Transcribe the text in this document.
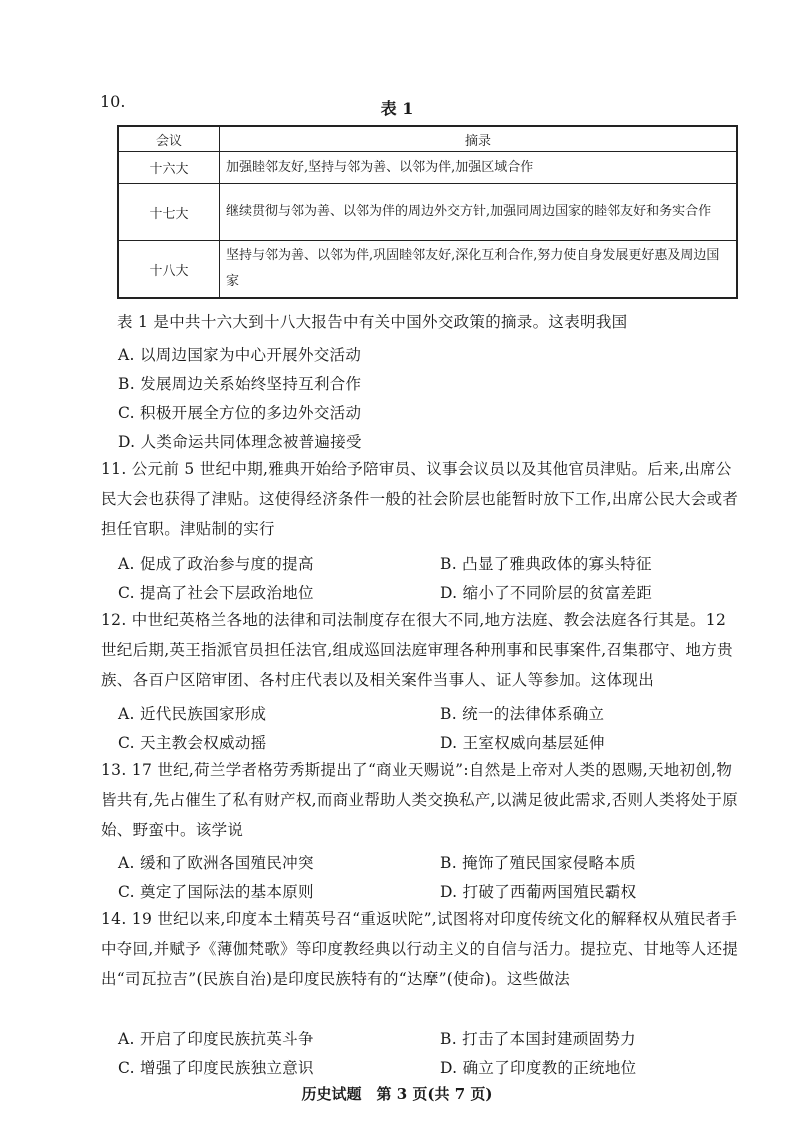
10.	表 1
会议	摘录
十六大	加强睦邻友好,坚持与邻为善、以邻为伴,加强区域合作
十七大	继续贯彻与邻为善、以邻为伴的周边外交方针,加强同周边国家的睦邻友好和务实合作
十八大	坚持与邻为善、以邻为伴,巩固睦邻友好,深化互利合作,努力使自身发展更好惠及周边国家
表 1 是中共十六大到十八大报告中有关中国外交政策的摘录。这表明我国
A. 以周边国家为中心开展外交活动
B. 发展周边关系始终坚持互利合作
C. 积极开展全方位的多边外交活动
D. 人类命运共同体理念被普遍接受
11. 公元前 5 世纪中期,雅典开始给予陪审员、议事会议员以及其他官员津贴。后来,出席公民大会也获得了津贴。这使得经济条件一般的社会阶层也能暂时放下工作,出席公民大会或者担任官职。津贴制的实行
A. 促成了政治参与度的提高	B. 凸显了雅典政体的寡头特征
C. 提高了社会下层政治地位	D. 缩小了不同阶层的贫富差距
12. 中世纪英格兰各地的法律和司法制度存在很大不同,地方法庭、教会法庭各行其是。12 世纪后期,英王指派官员担任法官,组成巡回法庭审理各种刑事和民事案件,召集郡守、地方贵族、各百户区陪审团、各村庄代表以及相关案件当事人、证人等参加。这体现出
A. 近代民族国家形成	B. 统一的法律体系确立
C. 天主教会权威动摇	D. 王室权威向基层延伸
13. 17 世纪,荷兰学者格劳秀斯提出了“商业天赐说”:自然是上帝对人类的恩赐,天地初创,物皆共有,先占催生了私有财产权,而商业帮助人类交换私产,以满足彼此需求,否则人类将处于原始、野蛮中。该学说
A. 缓和了欧洲各国殖民冲突	B. 掩饰了殖民国家侵略本质
C. 奠定了国际法的基本原则	D. 打破了西葡两国殖民霸权
14. 19 世纪以来,印度本土精英号召“重返吠陀”,试图将对印度传统文化的解释权从殖民者手中夺回,并赋予《薄伽梵歌》等印度教经典以行动主义的自信与活力。提拉克、甘地等人还提出“司瓦拉吉”(民族自治)是印度民族特有的“达摩”(使命)。这些做法
A. 开启了印度民族抗英斗争	B. 打击了本国封建顽固势力
C. 增强了印度民族独立意识	D. 确立了印度教的正统地位
历史试题　第 3 页(共 7 页)
